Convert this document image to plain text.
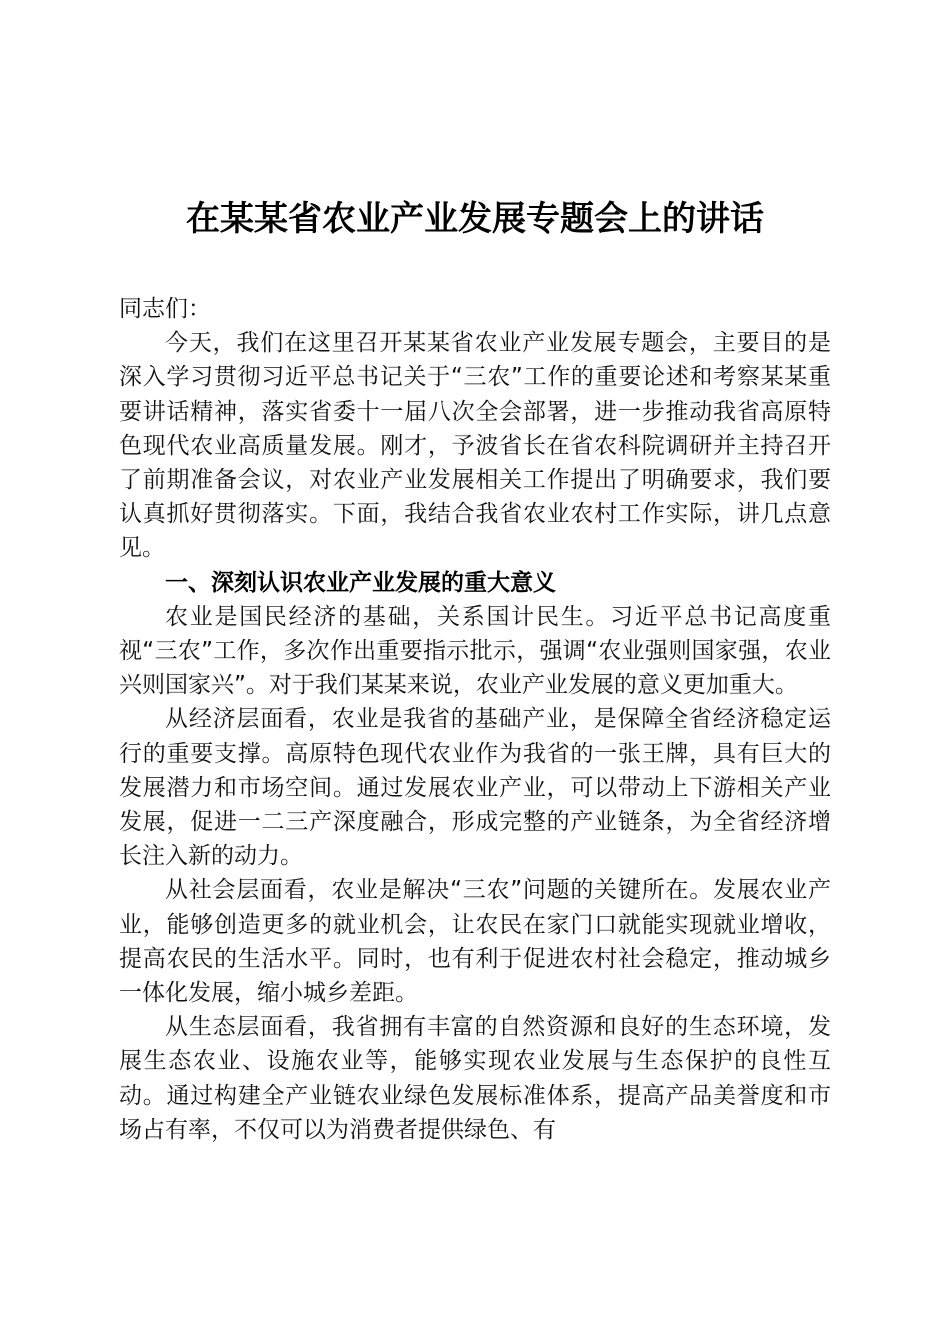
在某某省农业产业发展专题会上的讲话

同志们：

今天，我们在这里召开某某省农业产业发展专题会，主要目的是深入学习贯彻习近平总书记关于“三农”工作的重要论述和考察某某重要讲话精神，落实省委十一届八次全会部署，进一步推动我省高原特色现代农业高质量发展。刚才，予波省长在省农科院调研并主持召开了前期准备会议，对农业产业发展相关工作提出了明确要求，我们要认真抓好贯彻落实。下面，我结合我省农业农村工作实际，讲几点意见。

一、深刻认识农业产业发展的重大意义

农业是国民经济的基础，关系国计民生。习近平总书记高度重视“三农”工作，多次作出重要指示批示，强调“农业强则国家强，农业兴则国家兴”。对于我们某某来说，农业产业发展的意义更加重大。

从经济层面看，农业是我省的基础产业，是保障全省经济稳定运行的重要支撑。高原特色现代农业作为我省的一张王牌，具有巨大的发展潜力和市场空间。通过发展农业产业，可以带动上下游相关产业发展，促进一二三产深度融合，形成完整的产业链条，为全省经济增长注入新的动力。

从社会层面看，农业是解决“三农”问题的关键所在。发展农业产业，能够创造更多的就业机会，让农民在家门口就能实现就业增收，提高农民的生活水平。同时，也有利于促进农村社会稳定，推动城乡一体化发展，缩小城乡差距。

从生态层面看，我省拥有丰富的自然资源和良好的生态环境，发展生态农业、设施农业等，能够实现农业发展与生态保护的良性互动。通过构建全产业链农业绿色发展标准体系，提高产品美誉度和市场占有率，不仅可以为消费者提供绿色、有
